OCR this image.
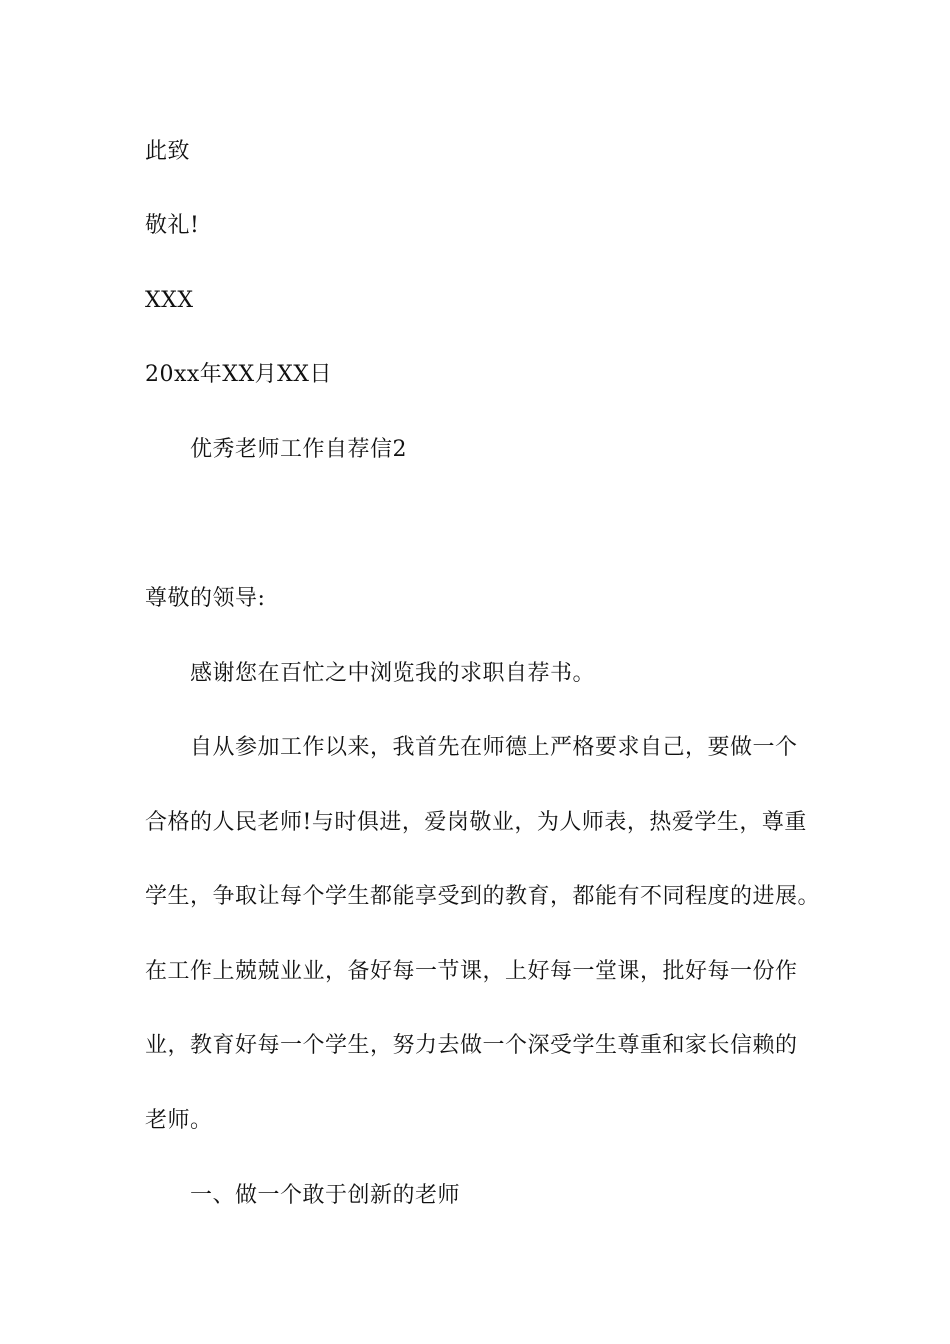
此致
敬礼!
XXX
20xx年XX月XX日
优秀老师工作自荐信2
尊敬的领导:
感谢您在百忙之中浏览我的求职自荐书。
自从参加工作以来，我首先在师德上严格要求自己，要做一个
合格的人民老师!与时俱进，爱岗敬业，为人师表，热爱学生，尊重
学生，争取让每个学生都能享受到的教育，都能有不同程度的进展。
在工作上兢兢业业，备好每一节课，上好每一堂课，批好每一份作
业，教育好每一个学生，努力去做一个深受学生尊重和家长信赖的
老师。
一、做一个敢于创新的老师
